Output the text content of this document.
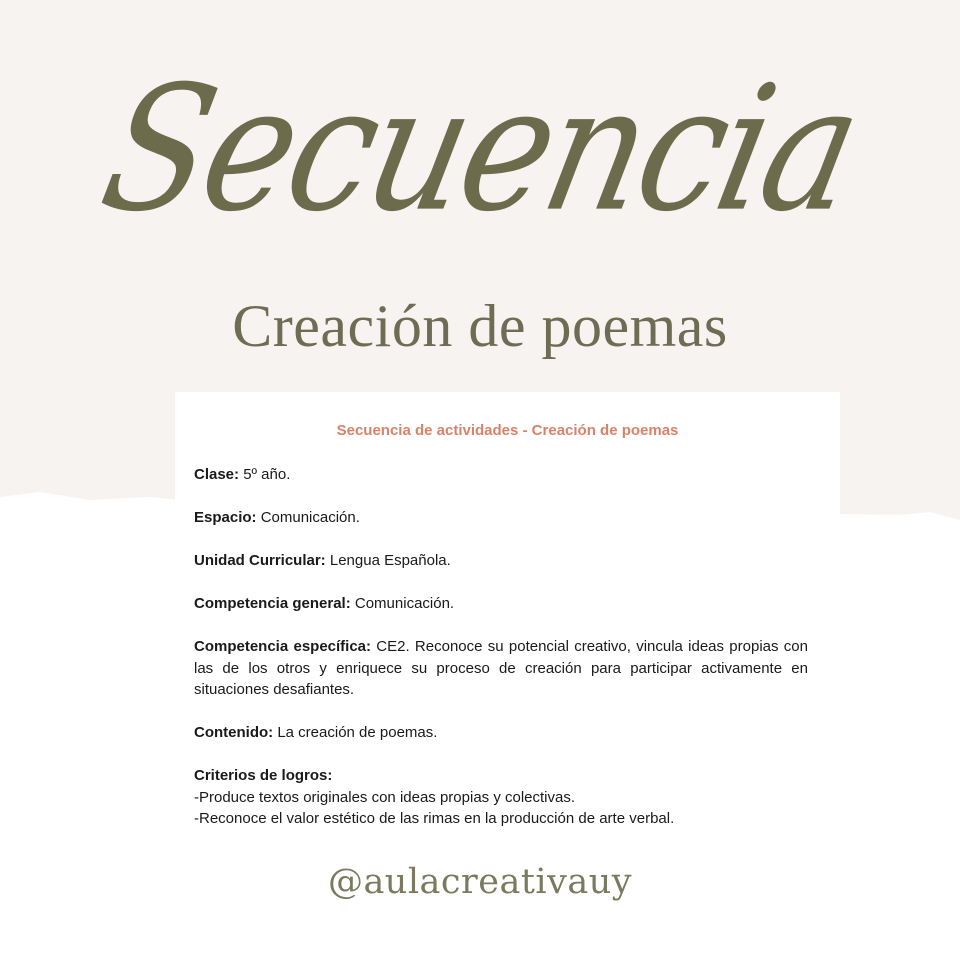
Secuencia
Creación de poemas
Secuencia de actividades - Creación de poemas
Clase: 5º año.
Espacio: Comunicación.
Unidad Curricular: Lengua Española.
Competencia general: Comunicación.
Competencia específica: CE2. Reconoce su potencial creativo, vincula ideas propias con las de los otros y enriquece su proceso de creación para participar activamente en situaciones desafiantes.
Contenido: La creación de poemas.
Criterios de logros:
-Produce textos originales con ideas propias y colectivas.
-Reconoce el valor estético de las rimas en la producción de arte verbal.
@aulacreativauy
